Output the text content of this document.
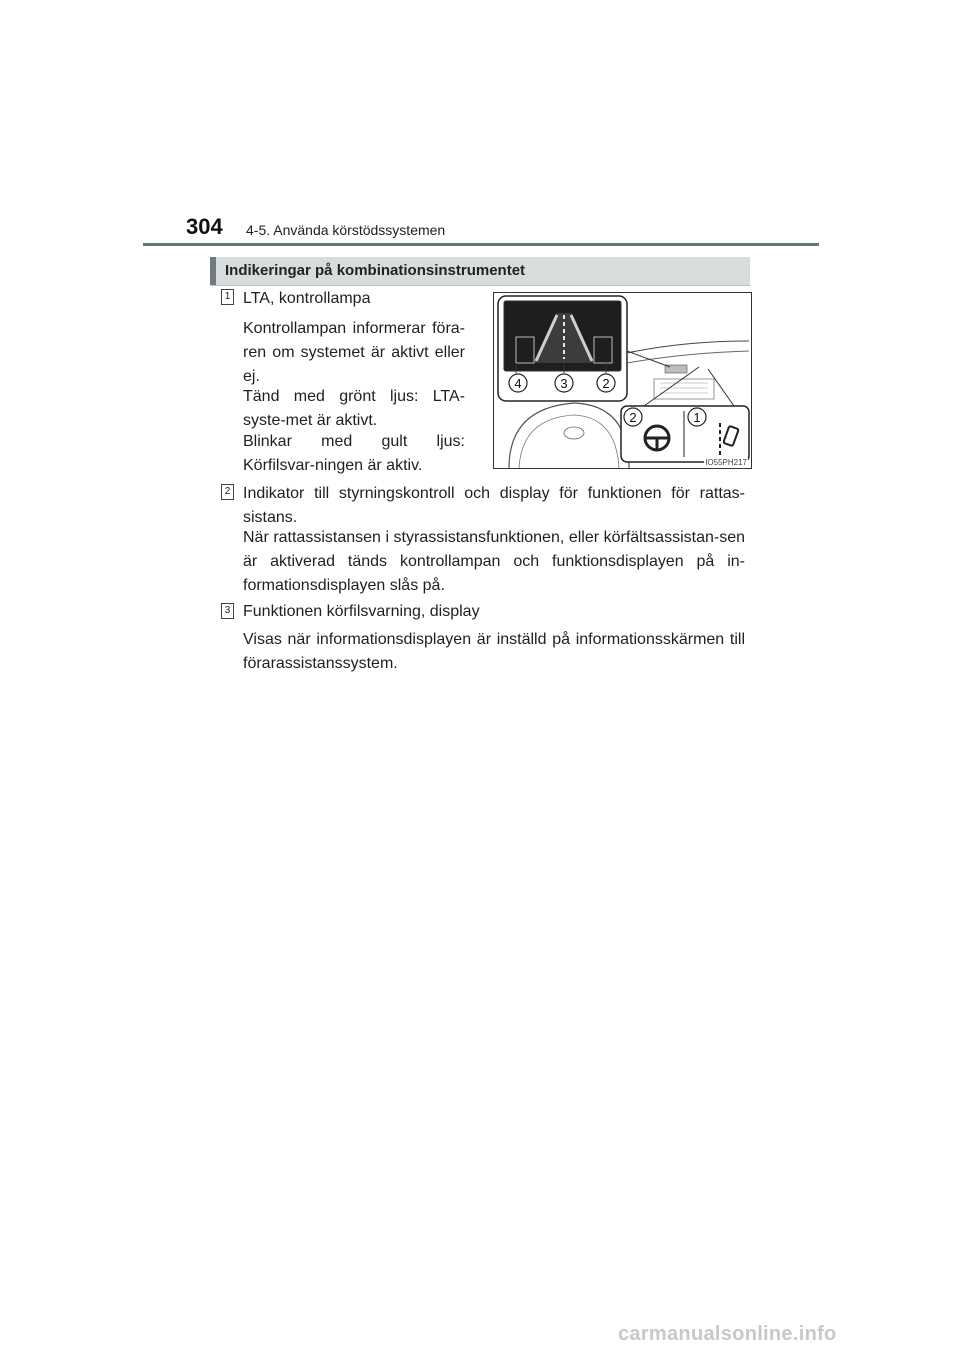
304 4-5. Använda körstödssystemen
Indikeringar på kombinationsinstrumentet
1 LTA, kontrollampa
Kontrollampan informerar föra-ren om systemet är aktivt eller ej.
Tänd med grönt ljus: LTA-syste-met är aktivt.
Blinkar med gult ljus: Körfilsvar-ningen är aktiv.
4	3	2
2	1
IO55PH217
2 Indikator till styrningskontroll och display för funktionen för rattas-sistans.
När rattassistansen i styrassistansfunktionen, eller körfältsassistan-sen är aktiverad tänds kontrollampan och funktionsdisplayen på in-formationsdisplayen slås på.
3 Funktionen körfilsvarning, display
Visas när informationsdisplayen är inställd på informationsskärmen till förarassistanssystem.
carmanualsonline.info
